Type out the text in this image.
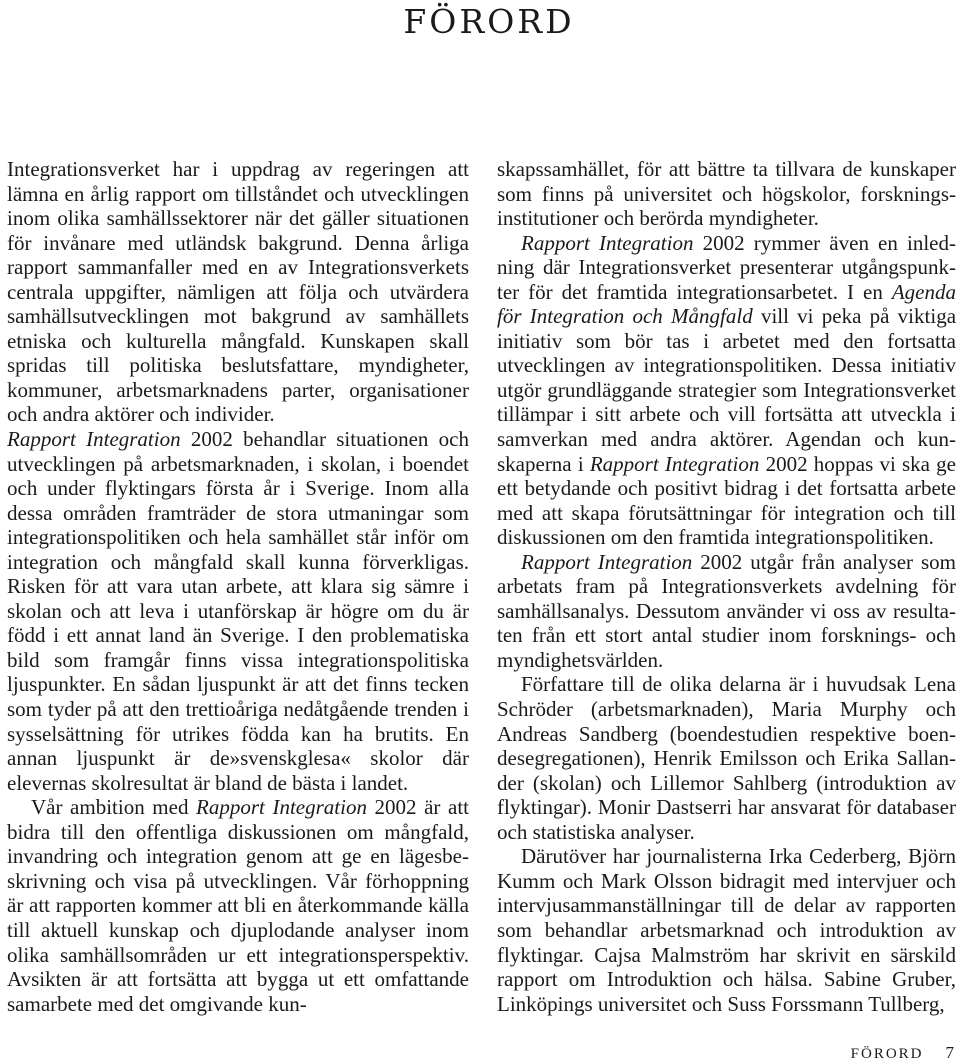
FÖRORD

Integrationsverket har i uppdrag av regeringen att lämna en årlig rapport om tillståndet och utvecklingen inom olika samhällssektorer när det gäller situationen för invånare med utländsk bakgrund. Denna årliga rapport sammanfaller med en av Integrationsverkets centrala uppgifter, nämligen att följa och utvärdera samhällsutvecklingen mot bakgrund av samhällets etniska och kulturella mångfald. Kunskapen skall spridas till politiska beslutsfattare, myndigheter, kommuner, arbetsmarknadens parter, organisationer och andra aktörer och individer.

Rapport Integration 2002 behandlar situationen och utvecklingen på arbetsmarknaden, i skolan, i boendet och under flyktingars första år i Sverige. Inom alla dessa områden framträder de stora utmaningar som integrationspolitiken och hela samhället står inför om integration och mångfald skall kunna förverkligas. Risken för att vara utan arbete, att klara sig sämre i skolan och att leva i utanförskap är högre om du är född i ett annat land än Sverige. I den problematiska bild som framgår finns vissa integrationspolitiska ljuspunkter. En sådan ljuspunkt är att det finns tecken som tyder på att den trettioåriga nedåtgående trenden i sysselsättning för utrikes födda kan ha brutits. En annan ljuspunkt är de»svenskglesa« skolor där elevernas skolresultat är bland de bästa i landet.

Vår ambition med Rapport Integration 2002 är att bidra till den offentliga diskussionen om mångfald, invandring och integration genom att ge en lägesbeskrivning och visa på utvecklingen. Vår förhoppning är att rapporten kommer att bli en återkommande källa till aktuell kunskap och djuplodande analyser inom olika samhällsområden ur ett integrationsperspektiv. Avsikten är att fortsätta att bygga ut ett omfattande samarbete med det omgivande kun-

skapssamhället, för att bättre ta tillvara de kunskaper som finns på universitet och högskolor, forskningsinstitutioner och berörda myndigheter.

Rapport Integration 2002 rymmer även en inledning där Integrationsverket presenterar utgångspunkter för det framtida integrationsarbetet. I en Agenda för Integration och Mångfald vill vi peka på viktiga initiativ som bör tas i arbetet med den fortsatta utvecklingen av integrationspolitiken. Dessa initiativ utgör grundläggande strategier som Integrationsverket tillämpar i sitt arbete och vill fortsätta att utveckla i samverkan med andra aktörer. Agendan och kunskaperna i Rapport Integration 2002 hoppas vi ska ge ett betydande och positivt bidrag i det fortsatta arbete med att skapa förutsättningar för integration och till diskussionen om den framtida integrationspolitiken.

Rapport Integration 2002 utgår från analyser som arbetats fram på Integrationsverkets avdelning för samhällsanalys. Dessutom använder vi oss av resultaten från ett stort antal studier inom forsknings- och myndighetsvärlden.

Författare till de olika delarna är i huvudsak Lena Schröder (arbetsmarknaden), Maria Murphy och Andreas Sandberg (boendestudien respektive boendesegregationen), Henrik Emilsson och Erika Sallander (skolan) och Lillemor Sahlberg (introduktion av flyktingar). Monir Dastserri har ansvarat för databaser och statistiska analyser.

Därutöver har journalisterna Irka Cederberg, Björn Kumm och Mark Olsson bidragit med intervjuer och intervjusammanställningar till de delar av rapporten som behandlar arbetsmarknad och introduktion av flyktingar. Cajsa Malmström har skrivit en särskild rapport om Introduktion och hälsa. Sabine Gruber, Linköpings universitet och Suss Forssmann Tullberg,

FÖRORD 7
